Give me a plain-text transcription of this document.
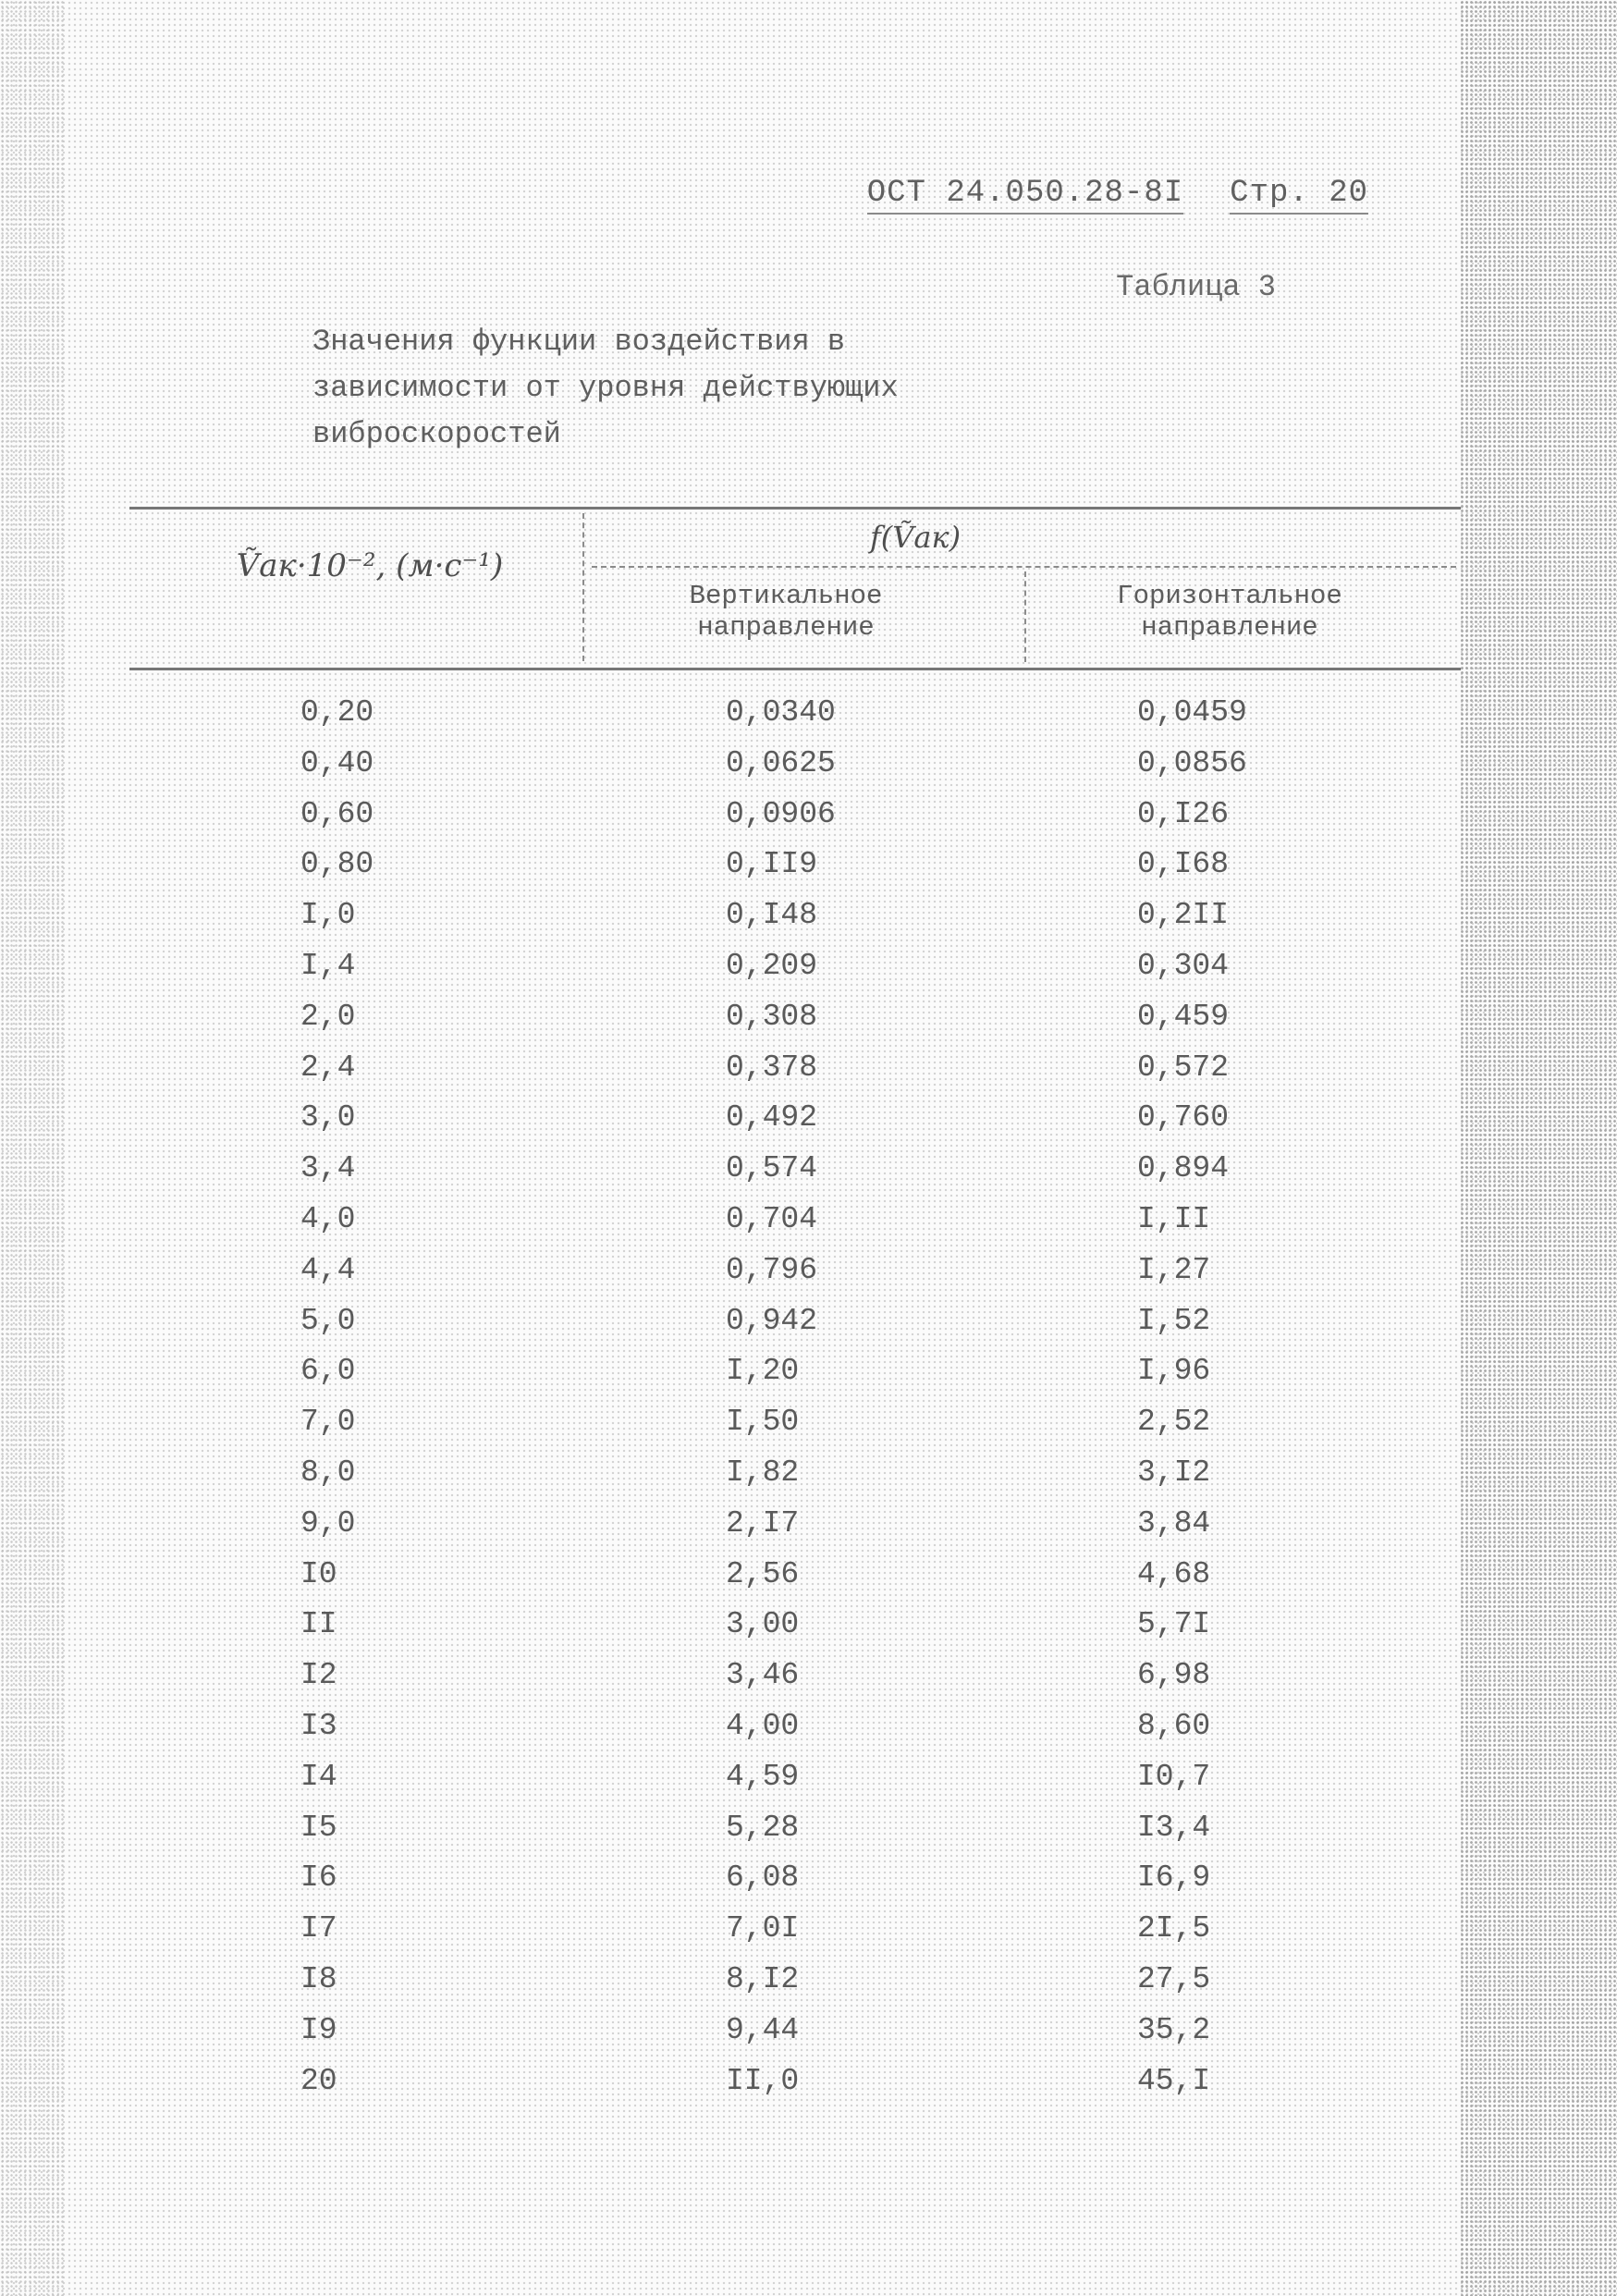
ОСТ 24.050.28-8I Стр. 20
Таблица 3
Значения функции воздействия в
зависимости от уровня действующих
виброскоростей
Ṽак·10⁻², (м·с⁻¹)
f(Ṽак)
Вертикальное
направление
Горизонтальное
направление
0,20	0,0340	0,0459
0,40	0,0625	0,0856
0,60	0,0906	0,I26
0,80	0,II9	0,I68
I,0	0,I48	0,2II
I,4	0,209	0,304
2,0	0,308	0,459
2,4	0,378	0,572
3,0	0,492	0,760
3,4	0,574	0,894
4,0	0,704	I,II
4,4	0,796	I,27
5,0	0,942	I,52
6,0	I,20	I,96
7,0	I,50	2,52
8,0	I,82	3,I2
9,0	2,I7	3,84
I0	2,56	4,68
II	3,00	5,7I
I2	3,46	6,98
I3	4,00	8,60
I4	4,59	I0,7
I5	5,28	I3,4
I6	6,08	I6,9
I7	7,0I	2I,5
I8	8,I2	27,5
I9	9,44	35,2
20	II,0	45,I
